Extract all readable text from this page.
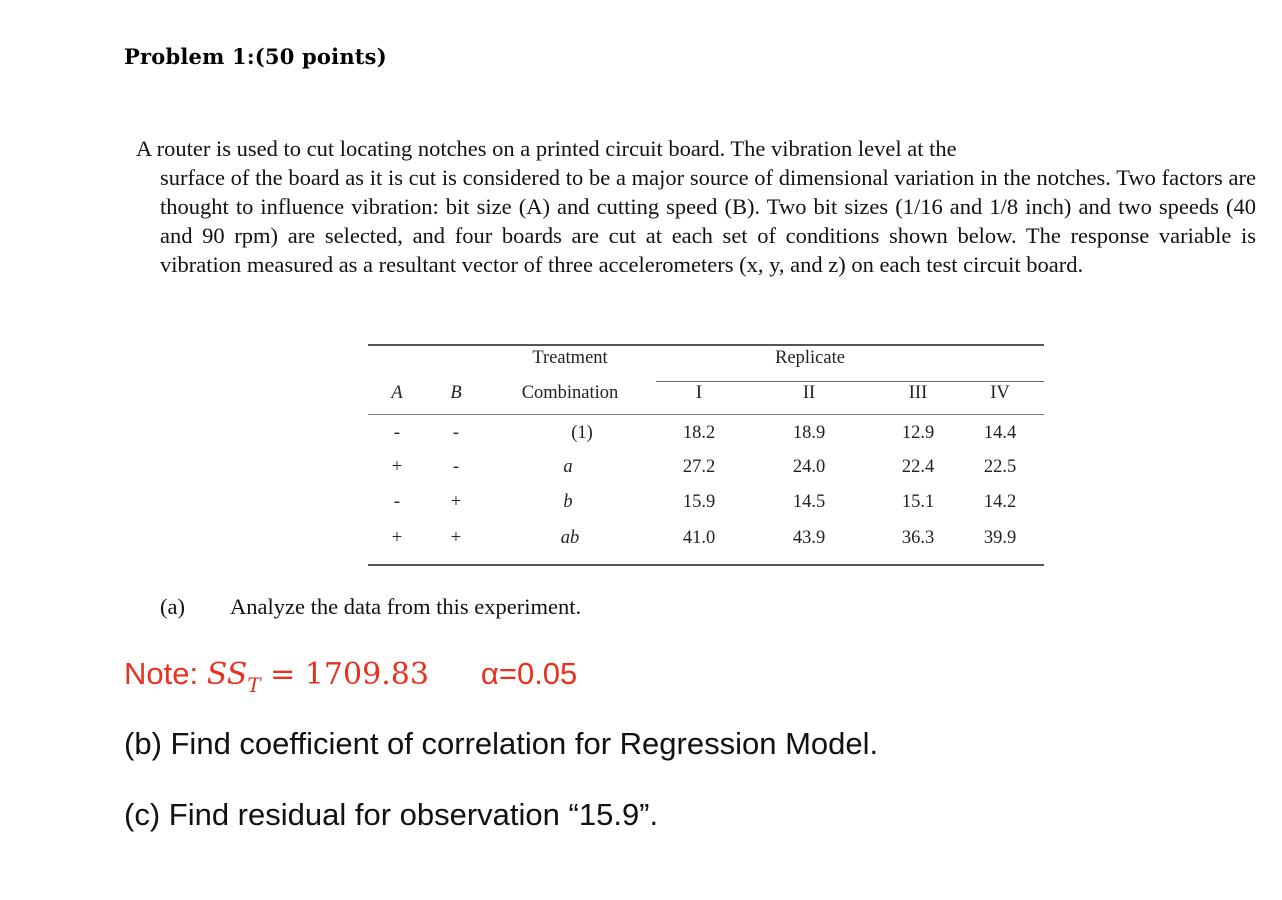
Problem 1:(50 points)

A router is used to cut locating notches on a printed circuit board. The vibration level at the

surface of the board as it is cut is considered to be a major source of dimensional variation in the notches. Two factors are thought to influence vibration: bit size (A) and cutting speed (B). Two bit sizes (1/16 and 1/8 inch) and two speeds (40 and 90 rpm) are selected, and four boards are cut at each set of conditions shown below. The response variable is vibration measured as a resultant vector of three accelerometers (x, y, and z) on each test circuit board.

Treatment	Replicate
A	B	Combination	I	II	III	IV
-	-	(1)	18.2	18.9	12.9	14.4
+	-	a	27.2	24.0	22.4	22.5
-	+	b	15.9	14.5	15.1	14.2
+	+	ab	41.0	43.9	36.3	39.9
(a) Analyze the data from this experiment.
Note: $SS_T = 1709.83$ α=0.05
(b) Find coefficient of correlation for Regression Model.
(c) Find residual for observation “15.9”.
